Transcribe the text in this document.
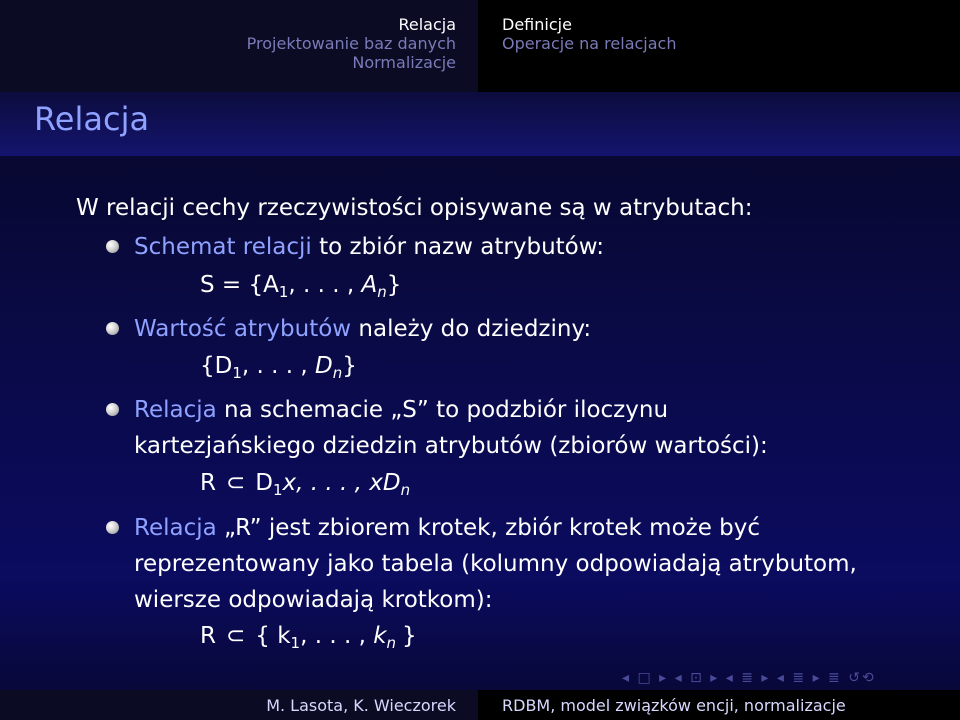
Relacja
Projektowanie baz danych
Normalizacje
Definicje
Operacje na relacjach
Relacja
W relacji cechy rzeczywistości opisywane są w atrybutach:
Schemat relacji to zbiór nazw atrybutów:
$S = \{A_1$, . . . , $A_n$}
Wartość atrybutów należy do dziedziny:
{$D_1$, . . . , $D_n$}
Relacja na schemacie „S” to podzbiór iloczynu
kartezjańskiego dziedzin atrybutów (zbiorów wartości):
R ⊂ $D_1x$, . . . , $xD_n$
Relacja „R” jest zbiorem krotek, zbiór krotek może być
reprezentowany jako tabela (kolumny odpowiadają atrybutom,
wiersze odpowiadają krotkom):
R ⊂ { $k_1$, . . . , $k_n$ }
◂ □ ▸ ◂ ⊡ ▸ ◂ ≣ ▸ ◂ ≣ ▸ ≣ ↺⟲
M. Lasota, K. Wieczorek	RDBM, model związków encji, normalizacje
